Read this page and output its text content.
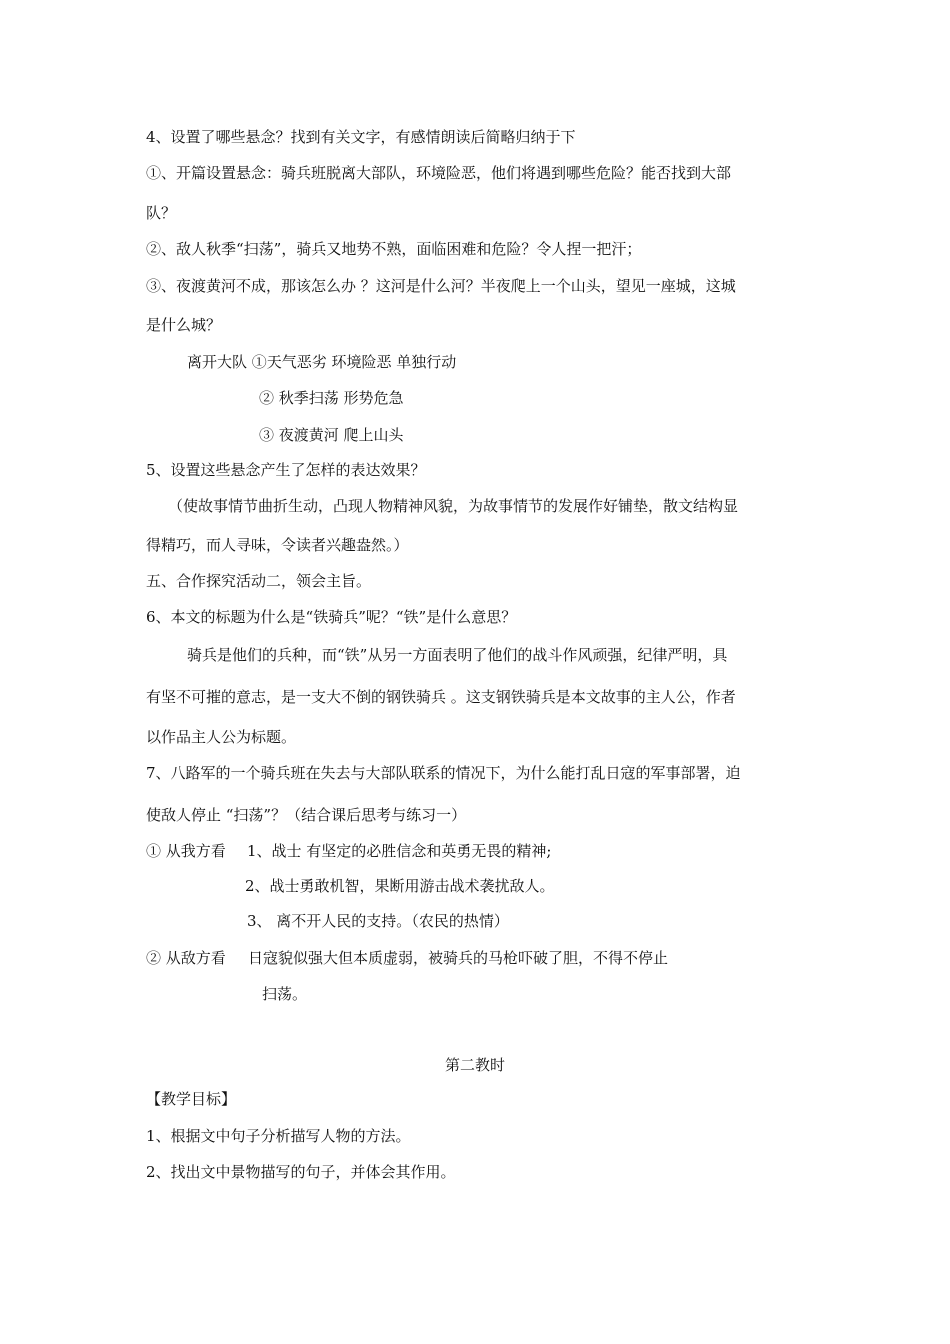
4、设置了哪些悬念？找到有关文字，有感情朗读后简略归纳于下
①、开篇设置悬念：骑兵班脱离大部队，环境险恶，他们将遇到哪些危险？能否找到大部
队？
②、敌人秋季“扫荡”，骑兵又地势不熟，面临困难和危险？令人捏一把汗；
③、夜渡黄河不成，那该怎么办 ？这河是什么河？半夜爬上一个山头，望见一座城，这城
是什么城？
离开大队 ①天气恶劣 环境险恶 单独行动
② 秋季扫荡 形势危急
③ 夜渡黄河 爬上山头
5、设置这些悬念产生了怎样的表达效果？
（使故事情节曲折生动，凸现人物精神风貌，为故事情节的发展作好铺垫，散文结构显
得精巧，而人寻味，令读者兴趣盎然。）
五、合作探究活动二，领会主旨。
6、本文的标题为什么是“铁骑兵”呢？“铁”是什么意思？
骑兵是他们的兵种，而“铁”从另一方面表明了他们的战斗作风顽强，纪律严明，具
有坚不可摧的意志，是一支大不倒的钢铁骑兵 。这支钢铁骑兵是本文故事的主人公，作者
以作品主人公为标题。
7、八路军的一个骑兵班在失去与大部队联系的情况下，为什么能打乱日寇的军事部署，迫
使敌人停止 “扫荡”？（结合课后思考与练习一）
① 从我方看 1、战士 有坚定的必胜信念和英勇无畏的精神;
2、战士勇敢机智，果断用游击战术袭扰敌人。
3、 离不开人民的支持。（农民的热情）
② 从敌方看 日寇貌似强大但本质虚弱，被骑兵的马枪吓破了胆，不得不停止
扫荡。
第二教时
【教学目标】
1、根据文中句子分析描写人物的方法。
2、找出文中景物描写的句子，并体会其作用。
